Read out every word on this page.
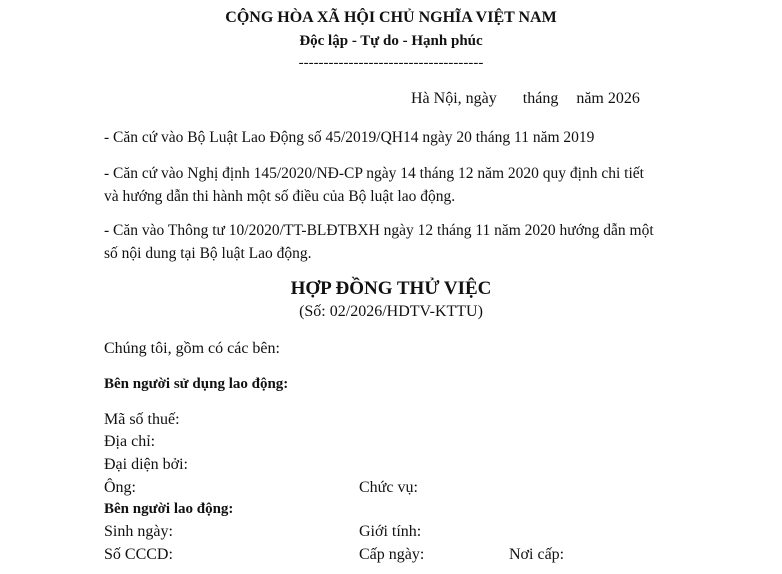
CỘNG HÒA XÃ HỘI CHỦ NGHĨA VIỆT NAM
Độc lập - Tự do - Hạnh phúc
-------------------------------------
Hà Nội, ngày tháng năm 2026
- Căn cứ vào Bộ Luật Lao Động số 45/2019/QH14 ngày 20 tháng 11 năm 2019
- Căn cứ vào Nghị định 145/2020/NĐ-CP ngày 14 tháng 12 năm 2020 quy định chi tiết và hướng dẫn thi hành một số điều của Bộ luật lao động.
- Căn vào Thông tư 10/2020/TT-BLĐTBXH ngày 12 tháng 11 năm 2020 hướng dẫn một số nội dung tại Bộ luật Lao động.
HỢP ĐỒNG THỬ VIỆC
(Số: 02/2026/HDTV-KTTU)
Chúng tôi, gồm có các bên:
Bên người sử dụng lao động:
Mã số thuế:
Địa chỉ:
Đại diện bởi:
Ông:	Chức vụ:
Bên người lao động:
Sinh ngày:	Giới tính:
Số CCCD:	Cấp ngày:	Nơi cấp:
